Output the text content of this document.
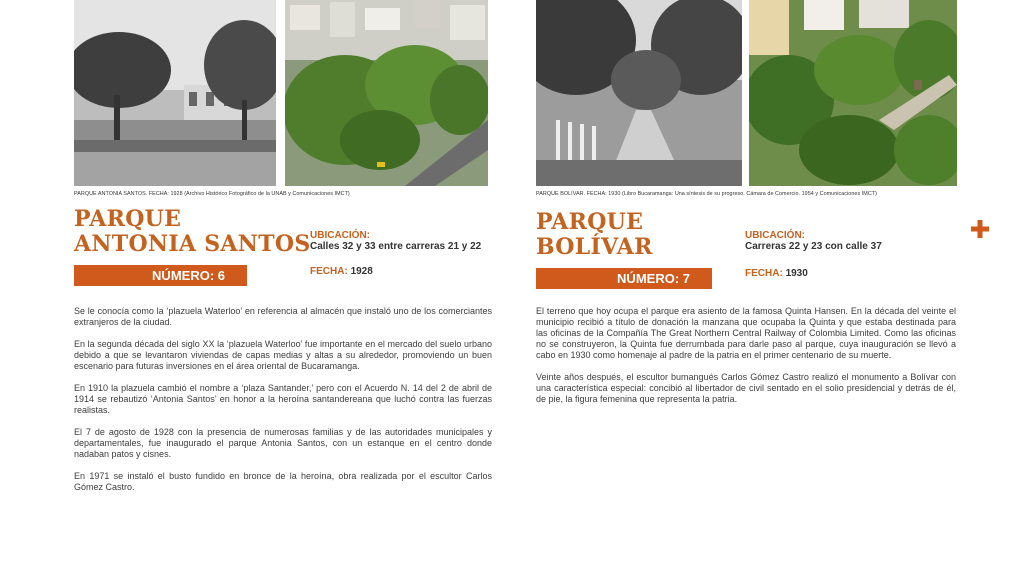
PARQUE ANTONIA SANTOS. FECHA: 1928 (Archivo Histórico Fotográfico de la UNAB y Comunicaciones IMCT)
PARQUE
ANTONIA SANTOS
NÚMERO: 6
UBICACIÓN:
Calles 32 y 33 entre carreras 21 y 22
FECHA: 1928

Se le conocía como la ‘plazuela Waterloo’ en referencia al almacén que instaló uno de los comerciantes extranjeros de la ciudad.

En la segunda década del siglo XX la ‘plazuela Waterloo’ fue importante en el mercado del suelo urbano debido a que se levantaron viviendas de capas medias y altas a su alrededor, promoviendo un buen escenario para futuras inversiones en el área oriental de Bucaramanga.

En 1910 la plazuela cambió el nombre a ‘plaza Santander,’ pero con el Acuerdo N. 14 del 2 de abril de 1914 se rebautizó ‘Antonia Santos’ en honor a la heroína santandereana que luchó contra las fuerzas realistas.

El 7 de agosto de 1928 con la presencia de numerosas familias y de las autoridades municipales y departamentales, fue inaugurado el parque Antonia Santos, con un estanque en el centro donde nadaban patos y cisnes.

En 1971 se instaló el busto fundido en bronce de la heroína, obra realizada por el escultor Carlos Gómez Castro.

PARQUE BOLÍVAR. FECHA: 1930 (Libro Bucaramanga: Una síntesis de su progreso. Cámara de Comercio. 1954 y Comunicaciones IMCT)
PARQUE
BOLÍVAR
NÚMERO: 7
UBICACIÓN:
Carreras 22 y 23 con calle 37
FECHA: 1930

El terreno que hoy ocupa el parque era asiento de la famosa Quinta Hansen. En la década del veinte el municipio recibió a título de donación la manzana que ocupaba la Quinta y que estaba destinada para las oficinas de la Compañía The Great Northern Central Railway of Colombia Limited. Como las oficinas no se construyeron, la Quinta fue derrumbada para darle paso al parque, cuya inauguración se llevó a cabo en 1930 como homenaje al padre de la patria en el primer centenario de su muerte.

Veinte años después, el escultor bumangués Carlos Gómez Castro realizó el monumento a Bolívar con una característica especial: concibió al libertador de civil sentado en el solio presidencial y detrás de él, de pie, la figura femenina que representa la patria.
